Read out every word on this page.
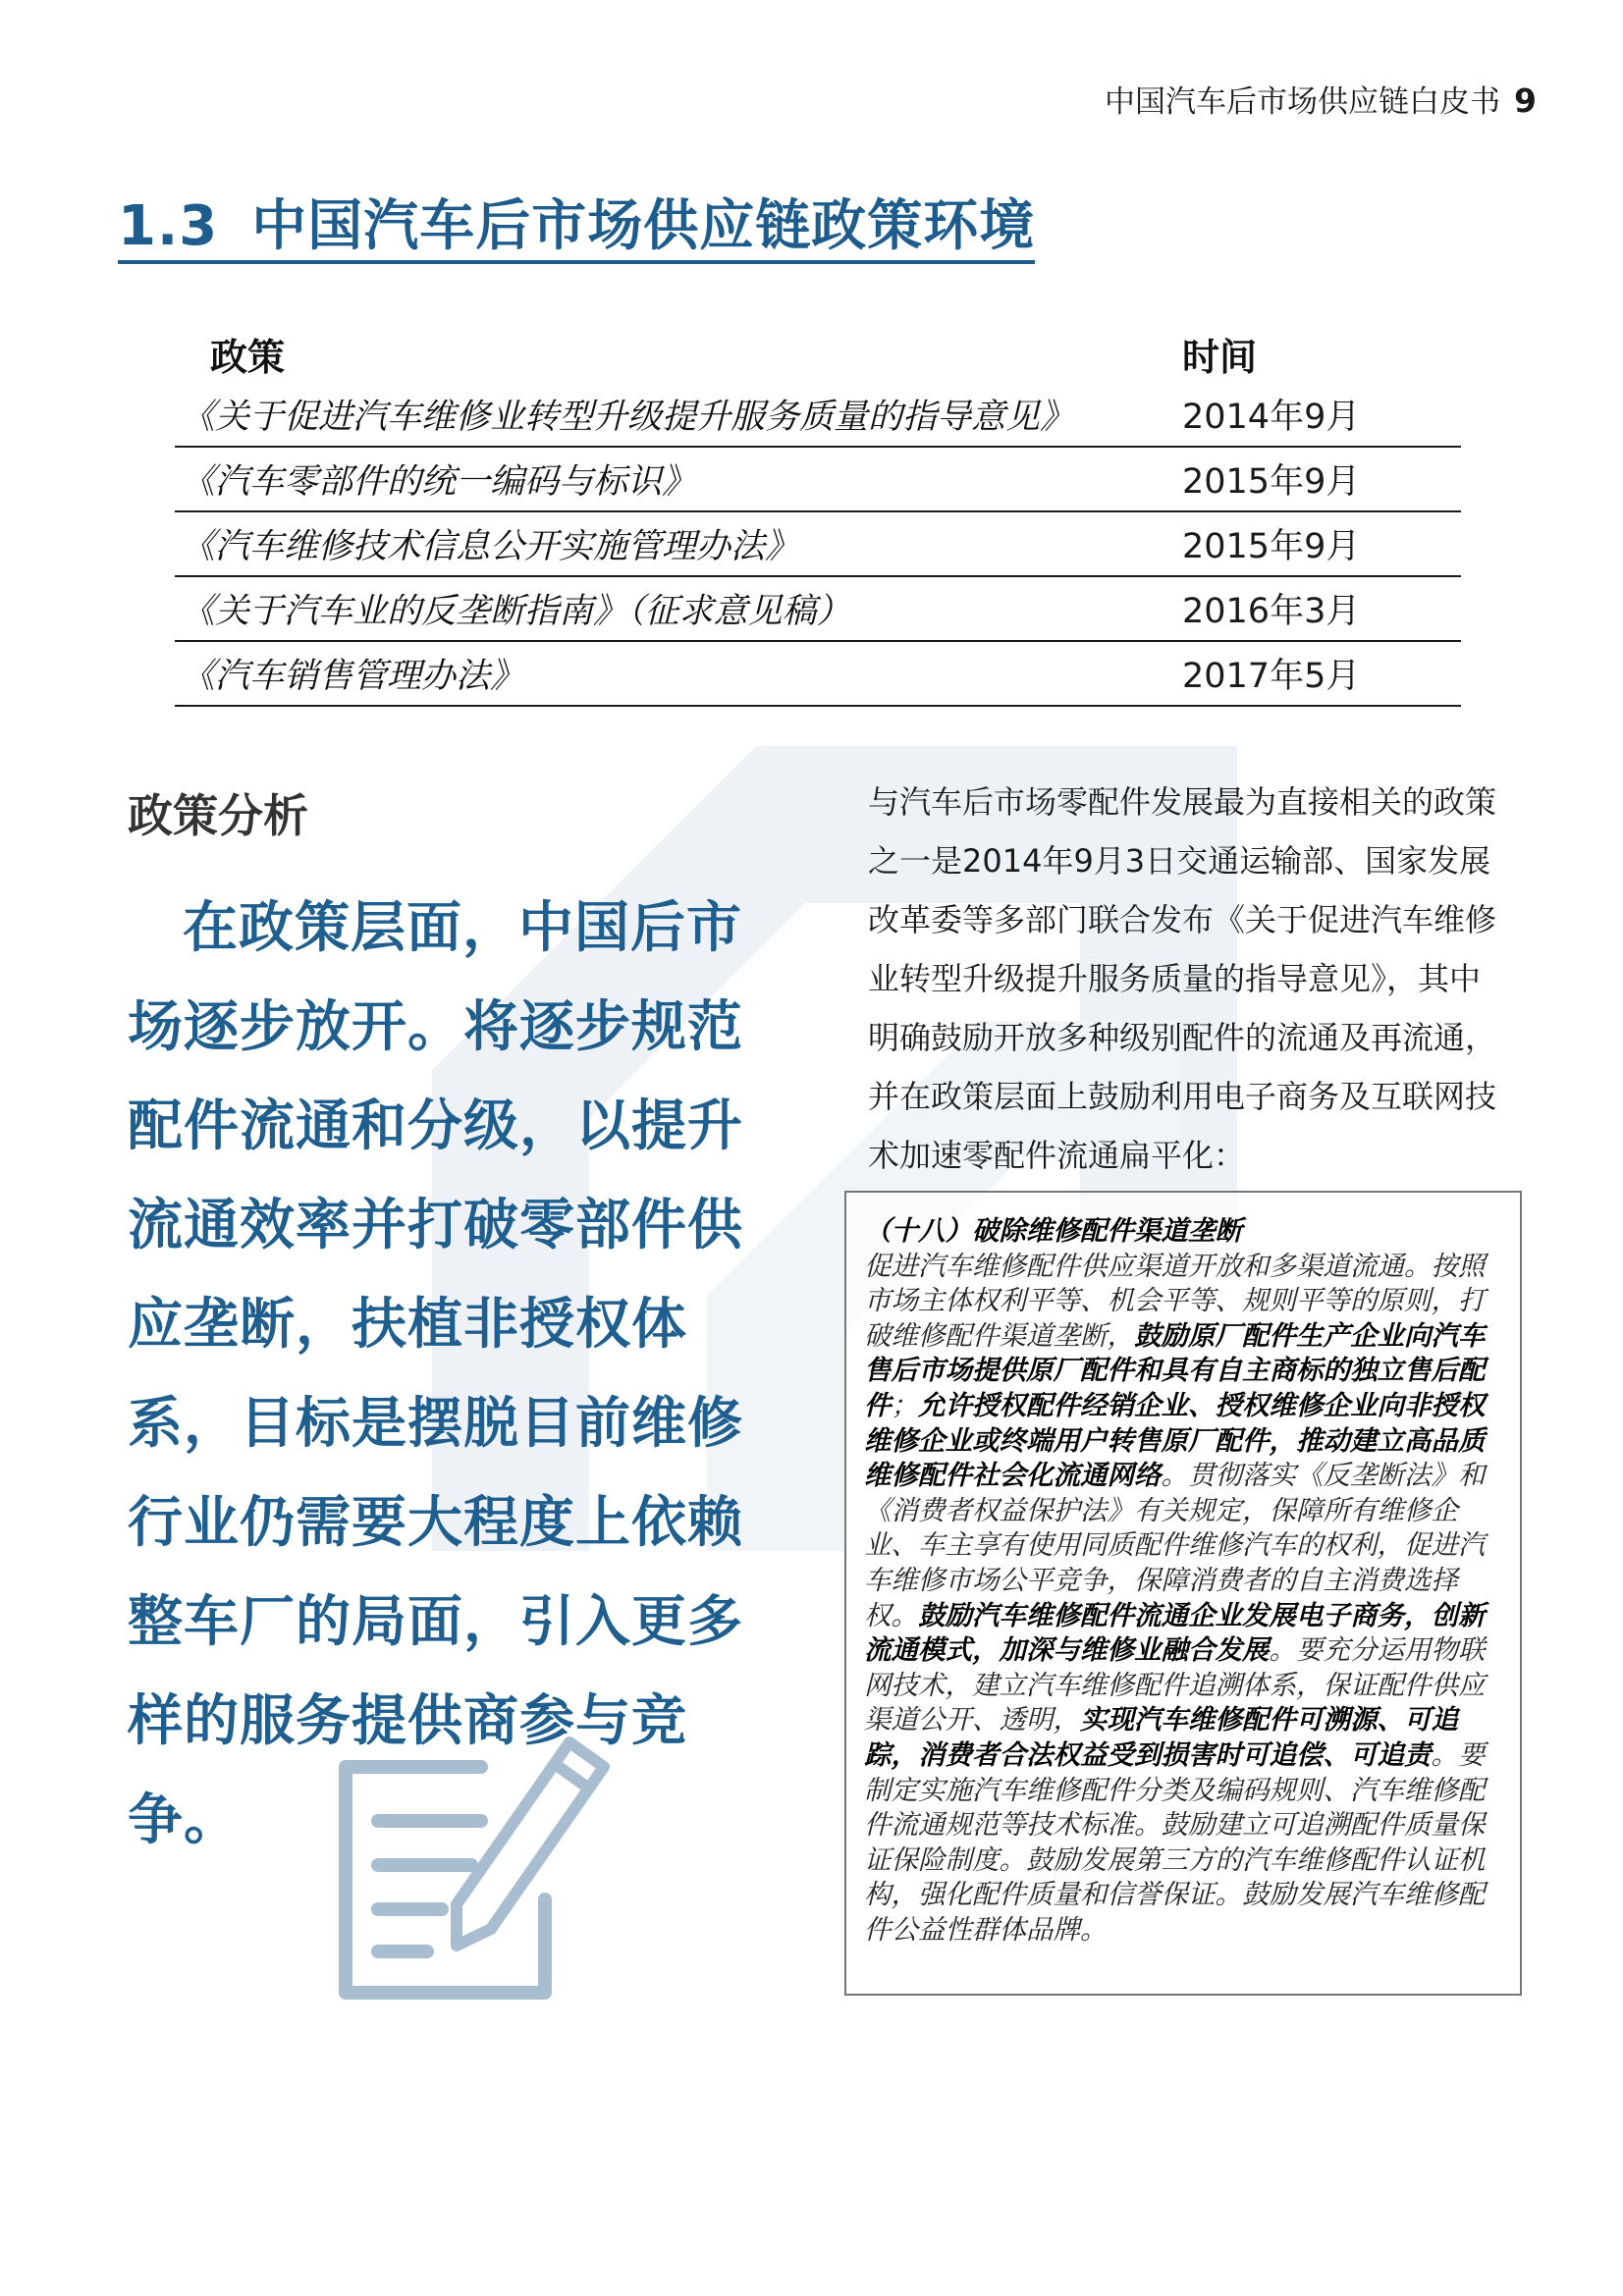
中国汽车后市场供应链白皮书 9
1.3 中国汽车后市场供应链政策环境
政策	时间
《关于促进汽车维修业转型升级提升服务质量的指导意见》	2014年9月
《汽车零部件的统一编码与标识》	2015年9月
《汽车维修技术信息公开实施管理办法》	2015年9月
《关于汽车业的反垄断指南》（征求意见稿）	2016年3月
《汽车销售管理办法》	2017年5月
政策分析
在政策层面，中国后市场逐步放开。将逐步规范配件流通和分级，以提升流通效率并打破零部件供应垄断，扶植非授权体系，目标是摆脱目前维修行业仍需要大程度上依赖整车厂的局面，引入更多样的服务提供商参与竞争。
与汽车后市场零配件发展最为直接相关的政策之一是2014年9月3日交通运输部、国家发展改革委等多部门联合发布《关于促进汽车维修业转型升级提升服务质量的指导意见》，其中明确鼓励开放多种级别配件的流通及再流通，并在政策层面上鼓励利用电子商务及互联网技术加速零配件流通扁平化：
（十八）破除维修配件渠道垄断
促进汽车维修配件供应渠道开放和多渠道流通。按照市场主体权利平等、机会平等、规则平等的原则，打破维修配件渠道垄断，鼓励原厂配件生产企业向汽车售后市场提供原厂配件和具有自主商标的独立售后配件；允许授权配件经销企业、授权维修企业向非授权维修企业或终端用户转售原厂配件，推动建立高品质维修配件社会化流通网络。贯彻落实《反垄断法》和《消费者权益保护法》有关规定，保障所有维修企业、车主享有使用同质配件维修汽车的权利，促进汽车维修市场公平竞争，保障消费者的自主消费选择权。鼓励汽车维修配件流通企业发展电子商务，创新流通模式，加深与维修业融合发展。要充分运用物联网技术，建立汽车维修配件追溯体系，保证配件供应渠道公开、透明，实现汽车维修配件可溯源、可追踪，消费者合法权益受到损害时可追偿、可追责。要制定实施汽车维修配件分类及编码规则、汽车维修配件流通规范等技术标准。鼓励建立可追溯配件质量保证保险制度。鼓励发展第三方的汽车维修配件认证机构，强化配件质量和信誉保证。鼓励发展汽车维修配件公益性群体品牌。
